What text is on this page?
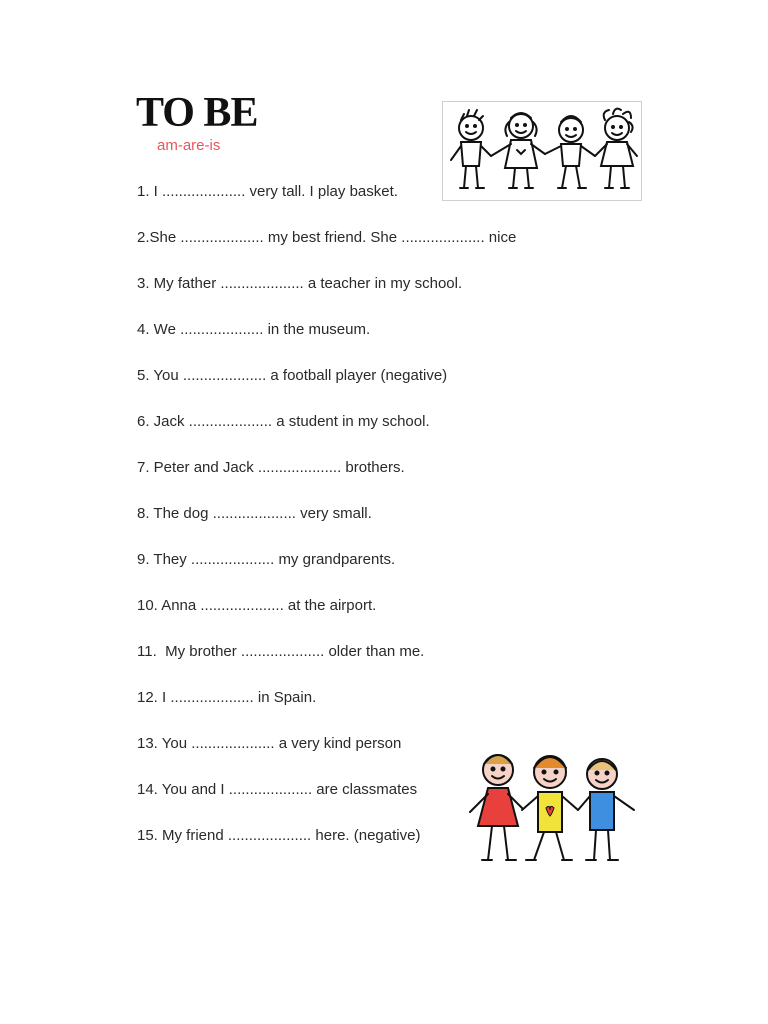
TO BE
am-are-is
1. I .................... very tall. I play basket.
2.She .................... my best friend. She .................... nice
3. My father .................... a teacher in my school.
4. We .................... in the museum.
5. You .................... a football player (negative)
6. Jack .................... a student in my school.
7. Peter and Jack .................... brothers.
8. The dog .................... very small.
9. They .................... my grandparents.
10. Anna .................... at the airport.
11.  My brother .................... older than me.
12. I .................... in Spain.
13. You .................... a very kind person
14. You and I .................... are classmates
15. My friend .................... here. (negative)
